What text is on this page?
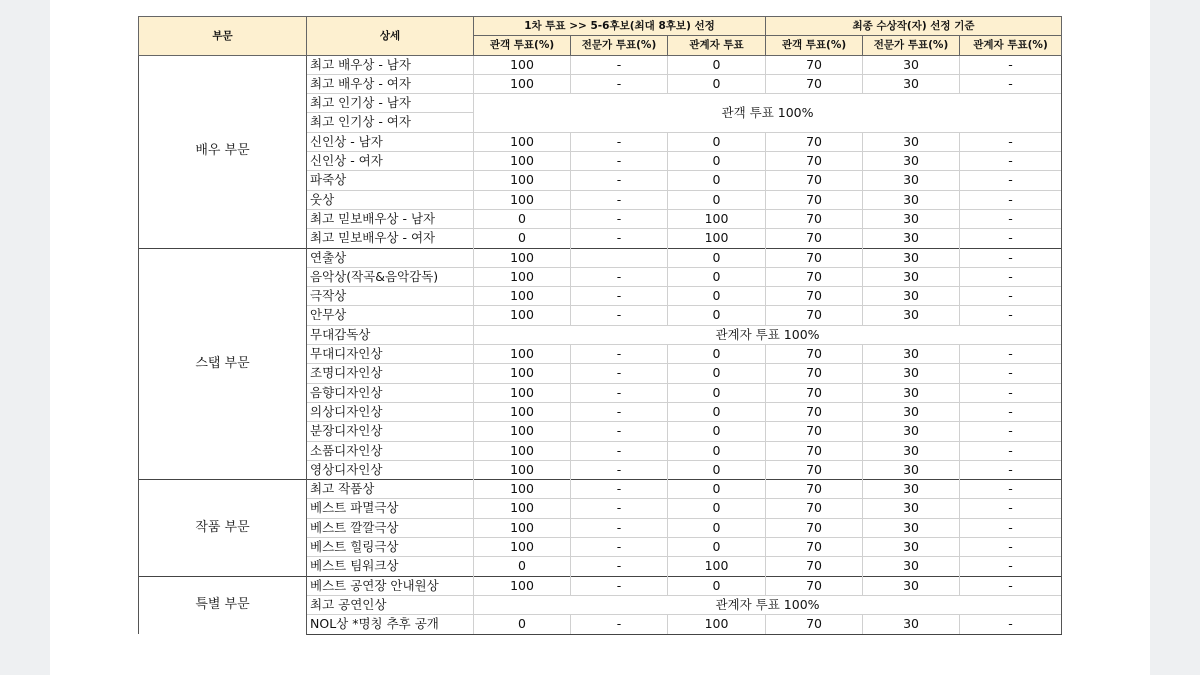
부문	상세	1차 투표 >> 5-6후보(최대 8후보) 선정			최종 수상작(자) 선정 기준		
		관객 투표(%)	전문가 투표(%)	관계자 투표	관객 투표(%)	전문가 투표(%)	관계자 투표(%)
배우 부문	최고 배우상 - 남자	100	-	0	70	30	-
	최고 배우상 - 여자	100	-	0	70	30	-
	최고 인기상 - 남자	관객 투표 100%					
	최고 인기상 - 여자						
	신인상 - 남자	100	-	0	70	30	-
	신인상 - 여자	100	-	0	70	30	-
	파죽상	100	-	0	70	30	-
	웃상	100	-	0	70	30	-
	최고 믿보배우상 - 남자	0	-	100	70	30	-
	최고 믿보배우상 - 여자	0	-	100	70	30	-
스탭 부문	연출상	100		0	70	30	-
	음악상(작곡&음악감독)	100	-	0	70	30	-
	극작상	100	-	0	70	30	-
	안무상	100	-	0	70	30	-
	무대감독상	관계자 투표 100%					
	무대디자인상	100	-	0	70	30	-
	조명디자인상	100	-	0	70	30	-
	음향디자인상	100	-	0	70	30	-
	의상디자인상	100	-	0	70	30	-
	분장디자인상	100	-	0	70	30	-
	소품디자인상	100	-	0	70	30	-
	영상디자인상	100	-	0	70	30	-
작품 부문	최고 작품상	100	-	0	70	30	-
	베스트 파멸극상	100	-	0	70	30	-
	베스트 깔깔극상	100	-	0	70	30	-
	베스트 힐링극상	100	-	0	70	30	-
	베스트 팀워크상	0	-	100	70	30	-
특별 부문	베스트 공연장 안내원상	100	-	0	70	30	-
	최고 공연인상	관계자 투표 100%					
	NOL상 *명칭 추후 공개	0	-	100	70	30	-
